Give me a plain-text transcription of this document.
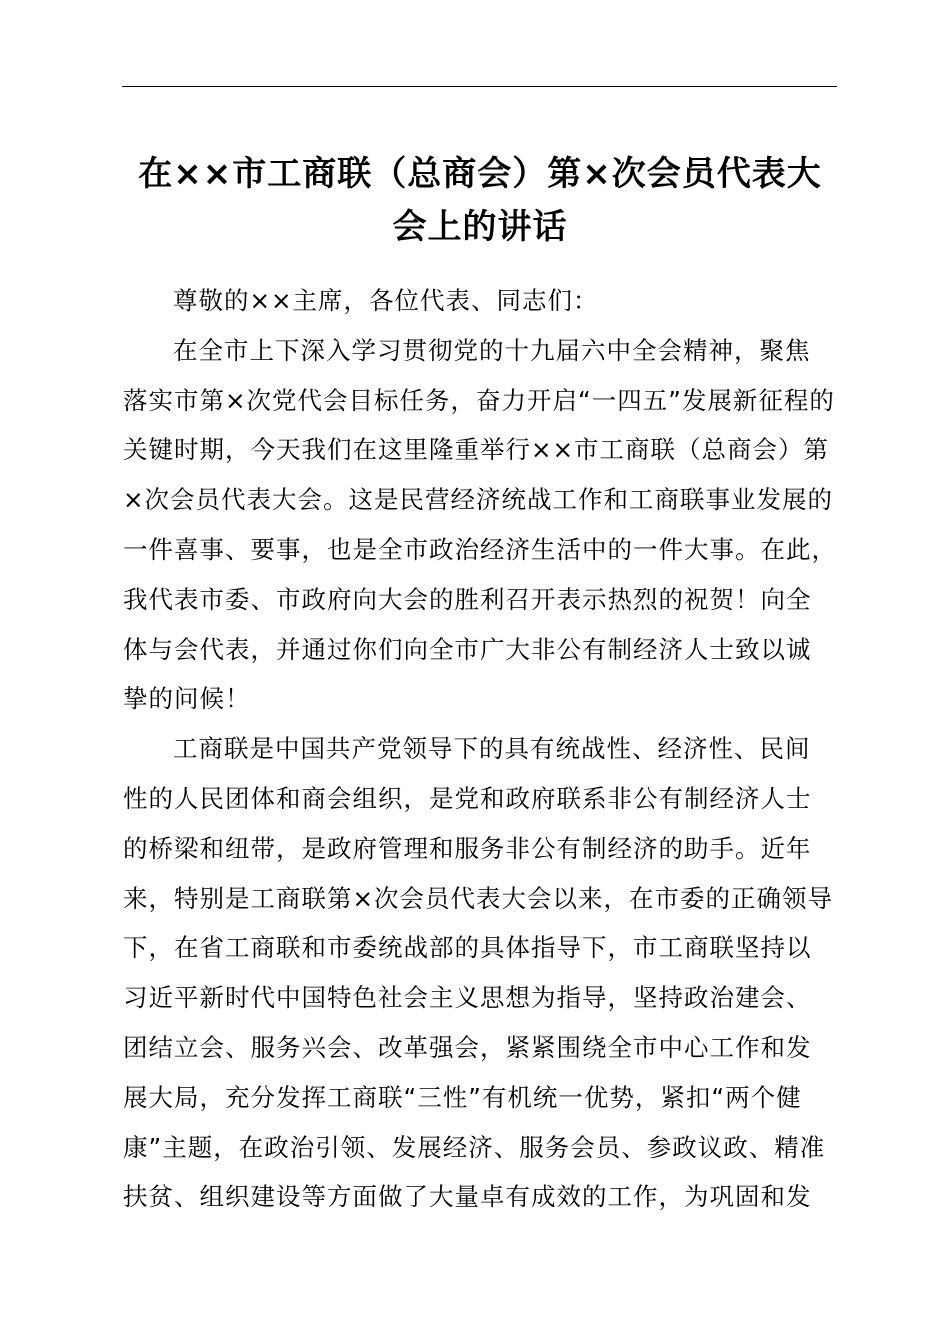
在××市工商联（总商会）第×次会员代表大
会上的讲话
尊敬的××主席，各位代表、同志们：
在全市上下深入学习贯彻党的十九届六中全会精神，聚焦
落实市第×次党代会目标任务，奋力开启“一四五”发展新征程的
关键时期，今天我们在这里隆重举行××市工商联（总商会）第
×次会员代表大会。这是民营经济统战工作和工商联事业发展的
一件喜事、要事，也是全市政治经济生活中的一件大事。在此，
我代表市委、市政府向大会的胜利召开表示热烈的祝贺！向全
体与会代表，并通过你们向全市广大非公有制经济人士致以诚
挚的问候！
工商联是中国共产党领导下的具有统战性、经济性、民间
性的人民团体和商会组织，是党和政府联系非公有制经济人士
的桥梁和纽带，是政府管理和服务非公有制经济的助手。近年
来，特别是工商联第×次会员代表大会以来，在市委的正确领导
下，在省工商联和市委统战部的具体指导下，市工商联坚持以
习近平新时代中国特色社会主义思想为指导，坚持政治建会、
团结立会、服务兴会、改革强会，紧紧围绕全市中心工作和发
展大局，充分发挥工商联“三性”有机统一优势，紧扣“两个健
康”主题，在政治引领、发展经济、服务会员、参政议政、精准
扶贫、组织建设等方面做了大量卓有成效的工作，为巩固和发
